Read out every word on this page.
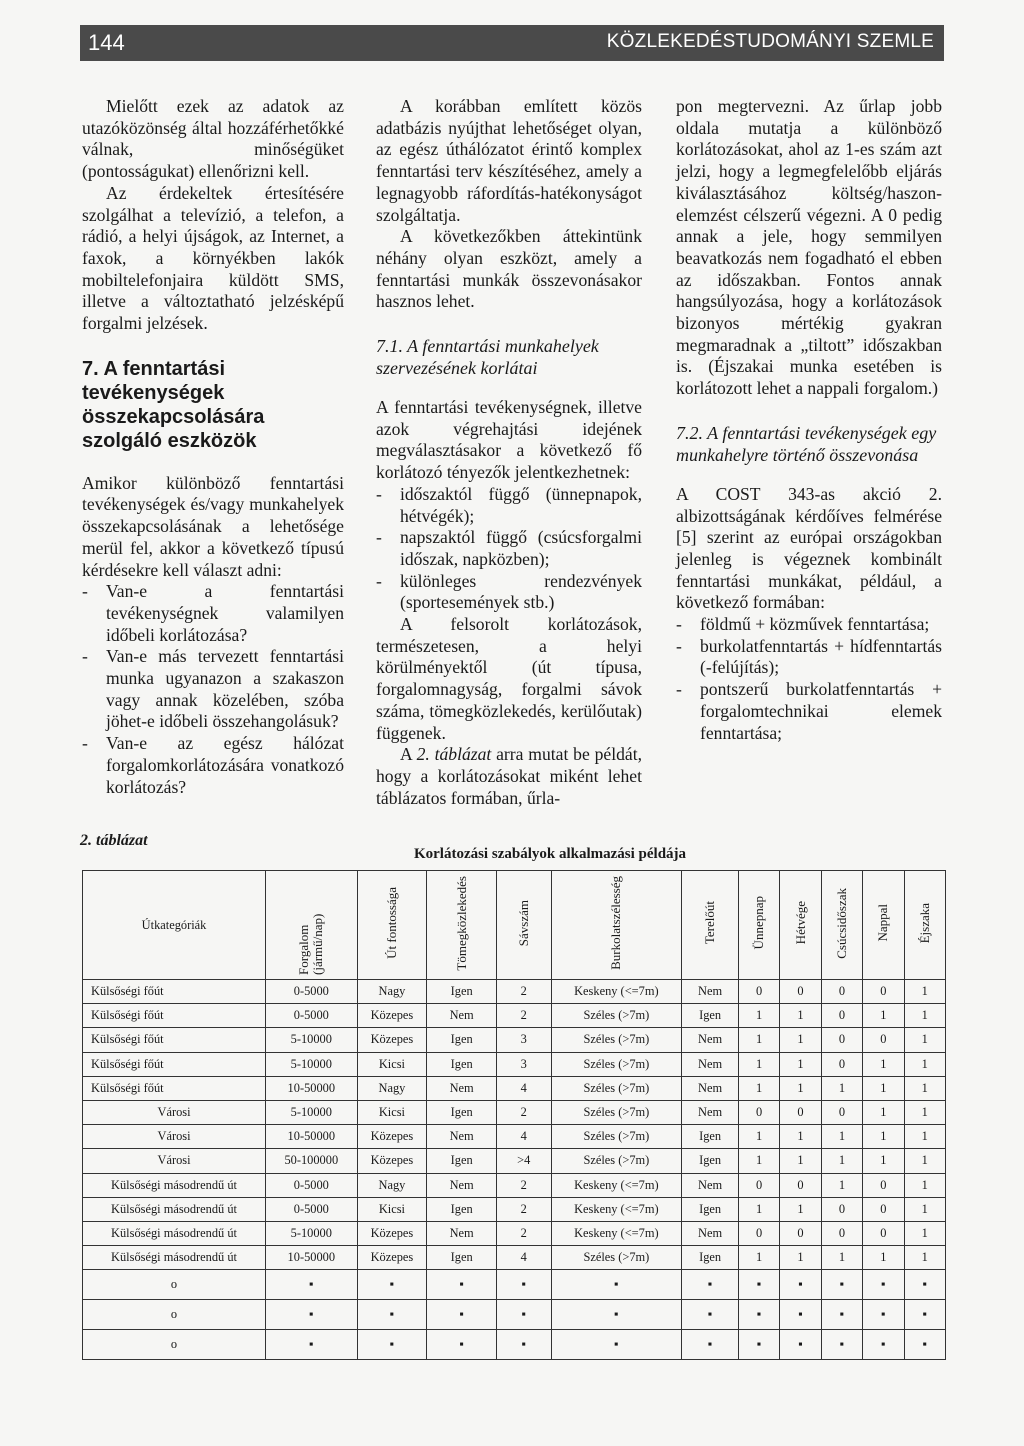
144	KÖZLEKEDÉSTUDOMÁNYI SZEMLE

Mielőtt ezek az adatok az utazóközönség által hozzáférhetőkké válnak, minőségüket (pontosságukat) ellenőrizni kell.

Az érdekeltek értesítésére szolgálhat a televízió, a telefon, a rádió, a helyi újságok, az Internet, a faxok, a környékben lakók mobiltelefonjaira küldött SMS, illetve a változtatható jelzésképű forgalmi jelzések.

7. A fenntartási tevékenységek összekapcsolására szolgáló eszközök

Amikor különböző fenntartási tevékenységek és/vagy munkahelyek összekapcsolásának a lehetősége merül fel, akkor a következő típusú kérdésekre kell választ adni:

- Van-e a fenntartási tevékenységnek valamilyen időbeli korlátozása?
- Van-e más tervezett fenntartási munka ugyanazon a szakaszon vagy annak közelében, szóba jöhet-e időbeli összehangolásuk?
- Van-e az egész hálózat forgalomkorlátozására vonatkozó korlátozás?

A korábban említett közös adatbázis nyújthat lehetőséget olyan, az egész úthálózatot érintő komplex fenntartási terv készítéséhez, amely a legnagyobb ráfordítás-hatékonyságot szolgáltatja.

A következőkben áttekintünk néhány olyan eszközt, amely a fenntartási munkák összevonásakor hasznos lehet.

7.1. A fenntartási munkahelyek szervezésének korlátai

A fenntartási tevékenységnek, illetve azok végrehajtási idejének megválasztásakor a következő fő korlátozó tényezők jelentkezhetnek:

- időszaktól függő (ünnepnapok, hétvégék);
- napszaktól függő (csúcsforgalmi időszak, napközben);
- különleges rendezvények (sportesemények stb.)

A felsorolt korlátozások, természetesen, a helyi körülményektől (út típusa, forgalomnagyság, forgalmi sávok száma, tömegközlekedés, kerülőutak) függenek.

A 2. táblázat arra mutat be példát, hogy a korlátozásokat miként lehet táblázatos formában, űrla-

pon megtervezni. Az űrlap jobb oldala mutatja a különböző korlátozásokat, ahol az 1-es szám azt jelzi, hogy a legmegfelelőbb eljárás kiválasztásához költség/haszon-elemzést célszerű végezni. A 0 pedig annak a jele, hogy semmilyen beavatkozás nem fogadható el ebben az időszakban. Fontos annak hangsúlyozása, hogy a korlátozások bizonyos mértékig gyakran megmaradnak a „tiltott” időszakban is. (Éjszakai munka esetében is korlátozott lehet a nappali forgalom.)

7.2. A fenntartási tevékenységek egy munkahelyre történő összevonása

A COST 343-as akció 2. albizottságának kérdőíves felmérése [5] szerint az európai országokban jelenleg is végeznek kombinált fenntartási munkákat, például, a következő formában:

- földmű + közművek fenntartása;
- burkolatfenntartás + hídfenntartás (-felújítás);
- pontszerű burkolatfenntartás + forgalomtechnikai elemek fenntartása;
2. táblázat
Korlátozási szabályok alkalmazási példája
Útkategóriák	Forgalom (jármű/nap)	Út fontossága	Tömegközlekedés	Sávszám	Burkolatszélesség	Terelőút	Ünnepnap	Hétvége	Csúcsidőszak	Nappal	Éjszaka
Külsőségi főút	0-5000	Nagy	Igen	2	Keskeny (<=7m)	Nem	0	0	0	0	1
Külsőségi főút	0-5000	Közepes	Nem	2	Széles (>7m)	Igen	1	1	0	1	1
Külsőségi főút	5-10000	Közepes	Igen	3	Széles (>7m)	Nem	1	1	0	0	1
Külsőségi főút	5-10000	Kicsi	Igen	3	Széles (>7m)	Nem	1	1	0	1	1
Külsőségi főút	10-50000	Nagy	Nem	4	Széles (>7m)	Nem	1	1	1	1	1
Városi	5-10000	Kicsi	Igen	2	Széles (>7m)	Nem	0	0	0	1	1
Városi	10-50000	Közepes	Nem	4	Széles (>7m)	Igen	1	1	1	1	1
Városi	50-100000	Közepes	Igen	>4	Széles (>7m)	Igen	1	1	1	1	1
Külsőségi másodrendű út	0-5000	Nagy	Nem	2	Keskeny (<=7m)	Nem	0	0	1	0	1
Külsőségi másodrendű út	0-5000	Kicsi	Igen	2	Keskeny (<=7m)	Igen	1	1	0	0	1
Külsőségi másodrendű út	5-10000	Közepes	Nem	2	Keskeny (<=7m)	Nem	0	0	0	0	1
Külsőségi másodrendű út	10-50000	Közepes	Igen	4	Széles (>7m)	Igen	1	1	1	1	1
o	▪	▪	▪	▪	▪	▪	▪	▪	▪	▪	▪
o	▪	▪	▪	▪	▪	▪	▪	▪	▪	▪	▪
o	▪	▪	▪	▪	▪	▪	▪	▪	▪	▪	▪
